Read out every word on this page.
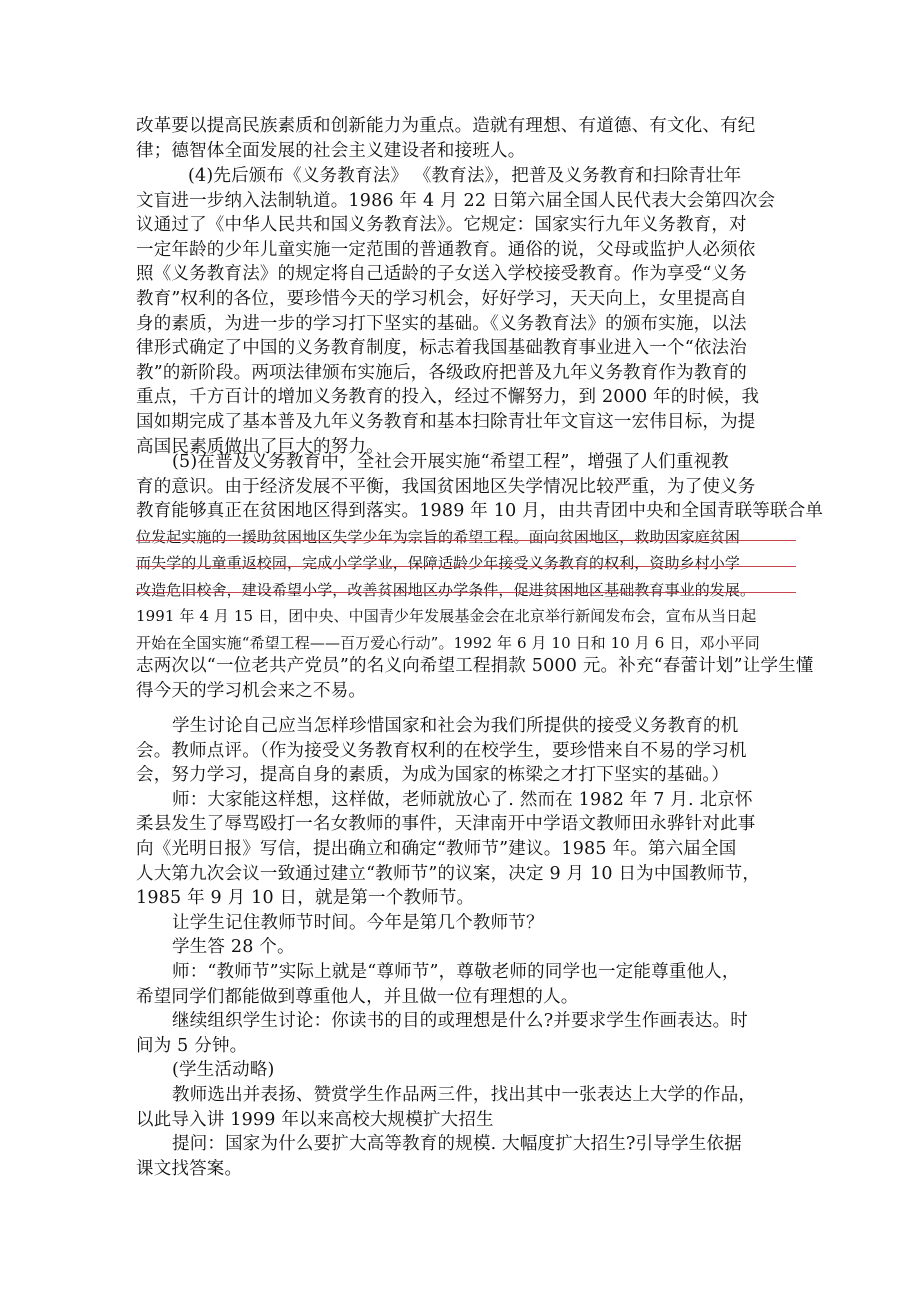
改革要以提高民族素质和创新能力为重点。造就有理想、有道德、有文化、有纪
律；德智体全面发展的社会主义建设者和接班人。
(4)先后颁布《义务教育法》 《教育法》，把普及义务教育和扫除青壮年
文盲进一步纳入法制轨道。1986 年 4 月 22 日第六届全国人民代表大会第四次会
议通过了《中华人民共和国义务教育法》。它规定：国家实行九年义务教育，对
一定年龄的少年儿童实施一定范围的普通教育。通俗的说，父母或监护人必须依
照《义务教育法》的规定将自己适龄的子女送入学校接受教育。作为享受“义务
教育”权利的各位，要珍惜今天的学习机会，好好学习，天天向上，女里提高自
身的素质，为进一步的学习打下坚实的基础。《义务教育法》的颁布实施，以法
律形式确定了中国的义务教育制度，标志着我国基础教育事业进入一个“依法治
教”的新阶段。两项法律颁布实施后，各级政府把普及九年义务教育作为教育的
重点，千方百计的增加义务教育的投入，经过不懈努力，到 2000 年的时候，我
国如期完成了基本普及九年义务教育和基本扫除青壮年文盲这一宏伟目标，为提
高国民素质做出了巨大的努力。
(5)在普及义务教育中，全社会开展实施“希望工程”，增强了人们重视教
育的意识。由于经济发展不平衡，我国贫困地区失学情况比较严重，为了使义务
教育能够真正在贫困地区得到落实。1989 年 10 月，由共青团中央和全国青联等联合单
位发起实施的一援助贫困地区失学少年为宗旨的希望工程。面向贫困地区，救助因家庭贫困
而失学的儿童重返校园，完成小学学业，保障适龄少年接受义务教育的权利，资助乡村小学
改造危旧校舍，建设希望小学，改善贫困地区办学条件，促进贫困地区基础教育事业的发展。
1991 年 4 月 15 日，团中央、中国青少年发展基金会在北京举行新闻发布会，宣布从当日起
开始在全国实施“希望工程——百万爱心行动”。1992 年 6 月 10 日和 10 月 6 日，邓小平同
志两次以“一位老共产党员”的名义向希望工程捐款 5000 元。补充“春蕾计划”让学生懂
得今天的学习机会来之不易。
学生讨论自己应当怎样珍惜国家和社会为我们所提供的接受义务教育的机
会。教师点评。（作为接受义务教育权利的在校学生，要珍惜来自不易的学习机
会，努力学习，提高自身的素质，为成为国家的栋梁之才打下坚实的基础。）
师：大家能这样想，这样做，老师就放心了. 然而在 1982 年 7 月. 北京怀
柔县发生了辱骂殴打一名女教师的事件，天津南开中学语文教师田永骅针对此事
向《光明日报》写信，提出确立和确定“教师节”建议。1985 年。第六届全国
人大第九次会议一致通过建立“教师节”的议案，决定 9 月 10 日为中国教师节，
1985 年 9 月 10 日，就是第一个教师节。
让学生记住教师节时间。今年是第几个教师节？
学生答 28 个。
师：“教师节”实际上就是“尊师节”，尊敬老师的同学也一定能尊重他人，
希望同学们都能做到尊重他人，并且做一位有理想的人。
继续组织学生讨论：你读书的目的或理想是什么?并要求学生作画表达。时
间为 5 分钟。
(学生活动略)
教师选出并表扬、赞赏学生作品两三件，找出其中一张表达上大学的作品，
以此导入讲 1999 年以来高校大规模扩大招生
提问：国家为什么要扩大高等教育的规模. 大幅度扩大招生?引导学生依据
课文找答案。
